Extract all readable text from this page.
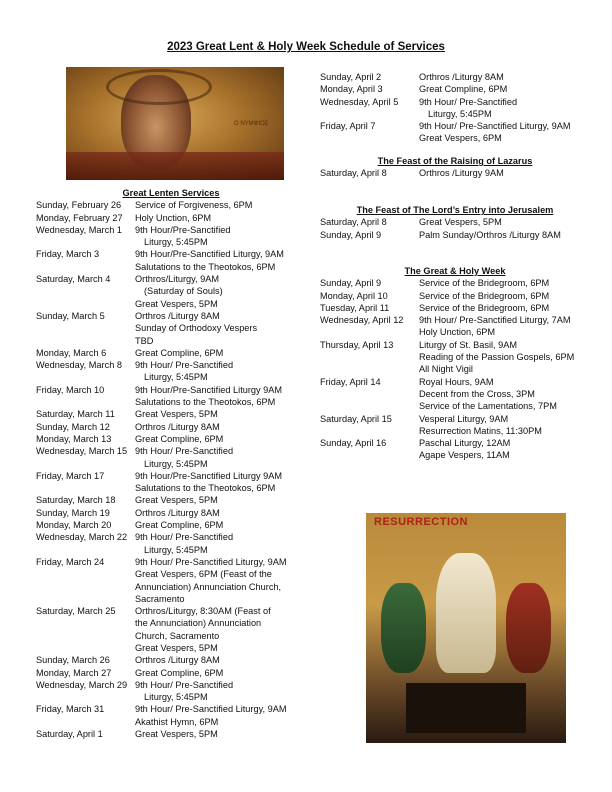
2023 Great Lent & Holy Week Schedule of Services
Ο ΝΥΜΦΙΟΣ
RESURRECTION
Great Lenten Services
Sunday, February 26	Service of Forgiveness, 6PM
Monday, February 27	Holy Unction, 6PM
Wednesday, March 1	9th Hour/Pre-Sanctified
Liturgy, 5:45PM
Friday, March 3	9th Hour/Pre-Sanctified Liturgy, 9AM
Salutations to the Theotokos, 6PM
Saturday, March 4	Orthros/Liturgy, 9AM
(Saturday of Souls)
Great Vespers, 5PM
Sunday, March 5	Orthros /Liturgy 8AM
Sunday of Orthodoxy Vespers
TBD
Monday, March 6	Great Compline, 6PM
Wednesday, March 8	9th Hour/ Pre-Sanctified
Liturgy, 5:45PM
Friday, March 10	9th Hour/Pre-Sanctified Liturgy 9AM
Salutations to the Theotokos, 6PM
Saturday, March 11	Great Vespers, 5PM
Sunday, March 12	Orthros /Liturgy 8AM
Monday, March 13	Great Compline, 6PM
Wednesday, March 15 9th Hour/ Pre-Sanctified
Liturgy, 5:45PM
Friday, March 17	9th Hour/Pre-Sanctified Liturgy 9AM
Salutations to the Theotokos, 6PM
Saturday, March 18	Great Vespers, 5PM
Sunday, March 19	Orthros /Liturgy 8AM
Monday, March 20	Great Compline, 6PM
Wednesday, March 22 9th Hour/ Pre-Sanctified
Liturgy, 5:45PM
Friday, March 24	9th Hour/ Pre-Sanctified Liturgy, 9AM
Great Vespers, 6PM (Feast of the
Annunciation) Annunciation Church,
Sacramento
Saturday, March 25	Orthros/Liturgy, 8:30AM (Feast of
the Annunciation) Annunciation
Church, Sacramento
Great Vespers, 5PM
Sunday, March 26	Orthros /Liturgy 8AM
Monday, March 27	Great Compline, 6PM
Wednesday, March 29 9th Hour/ Pre-Sanctified
Liturgy, 5:45PM
Friday, March 31	9th Hour/ Pre-Sanctified Liturgy, 9AM
Akathist Hymn, 6PM
Saturday, April 1	Great Vespers, 5PM
Sunday, April 2	Orthros /Liturgy 8AM
Monday, April 3	Great Compline, 6PM
Wednesday, April 5	9th Hour/ Pre-Sanctified
Liturgy, 5:45PM
Friday, April 7	9th Hour/ Pre-Sanctified Liturgy, 9AM
Great Vespers, 6PM
The Feast of the Raising of Lazarus
Saturday, April 8	Orthros /Liturgy 9AM
The Feast of The Lord’s Entry into Jerusalem
Saturday, April 8	Great Vespers, 5PM
Sunday, April 9	Palm Sunday/Orthros /Liturgy 8AM
The Great & Holy Week
Sunday, April 9	Service of the Bridegroom, 6PM
Monday, April 10	Service of the Bridegroom, 6PM
Tuesday, April 11	Service of the Bridegroom, 6PM
Wednesday, April 12	9th Hour/ Pre-Sanctified Liturgy, 7AM
Holy Unction, 6PM
Thursday, April 13	Liturgy of St. Basil, 9AM
Reading of the Passion Gospels, 6PM
All Night Vigil
Friday, April 14	Royal Hours, 9AM
Decent from the Cross, 3PM
Service of the Lamentations, 7PM
Saturday, April 15	Vesperal Liturgy, 9AM
Resurrection Matins, 11:30PM
Sunday, April 16	Paschal Liturgy, 12AM
Agape Vespers, 11AM
